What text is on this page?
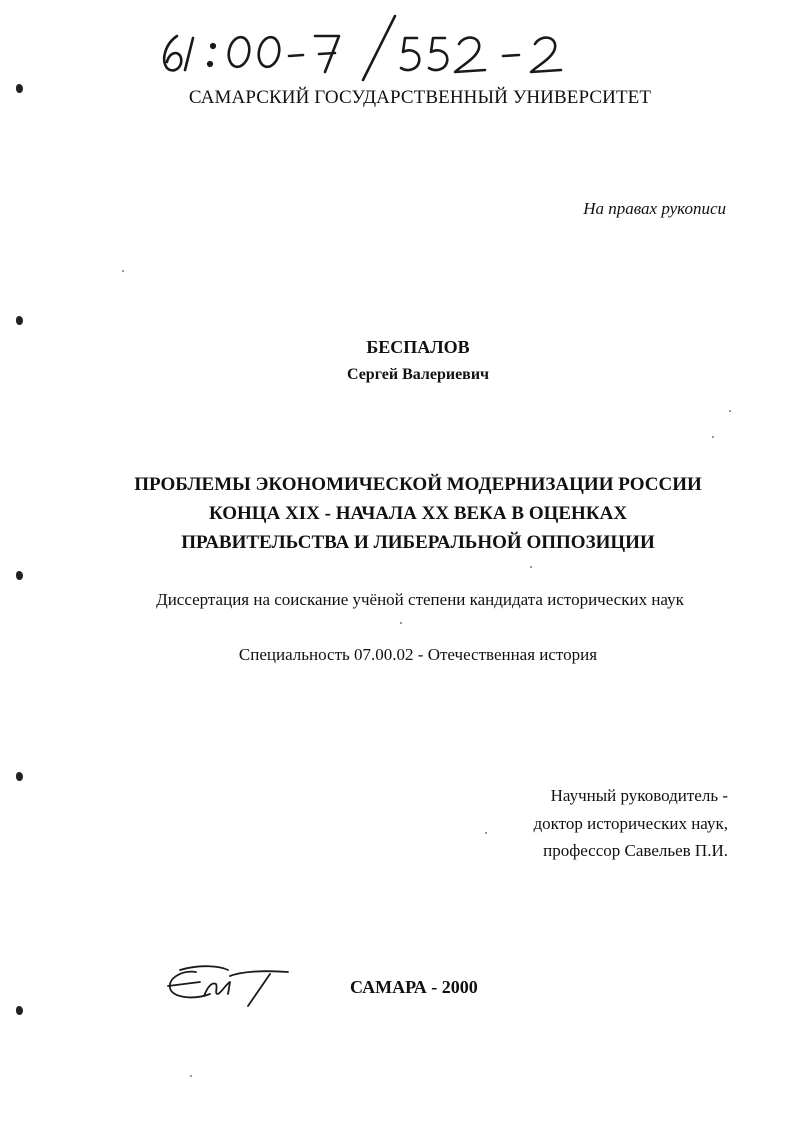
САМАРСКИЙ ГОСУДАРСТВЕННЫЙ УНИВЕРСИТЕТ
На правах рукописи
БЕСПАЛОВ
Сергей Валериевич
ПРОБЛЕМЫ ЭКОНОМИЧЕСКОЙ МОДЕРНИЗАЦИИ РОССИИ
КОНЦА XIX - НАЧАЛА XX ВЕКА В ОЦЕНКАХ
ПРАВИТЕЛЬСТВА И ЛИБЕРАЛЬНОЙ ОППОЗИЦИИ
Диссертация на соискание учёной степени кандидата исторических наук
Специальность 07.00.02 - Отечественная история
Научный руководитель -
доктор исторических наук,
профессор Савельев П.И.
САМАРА - 2000
